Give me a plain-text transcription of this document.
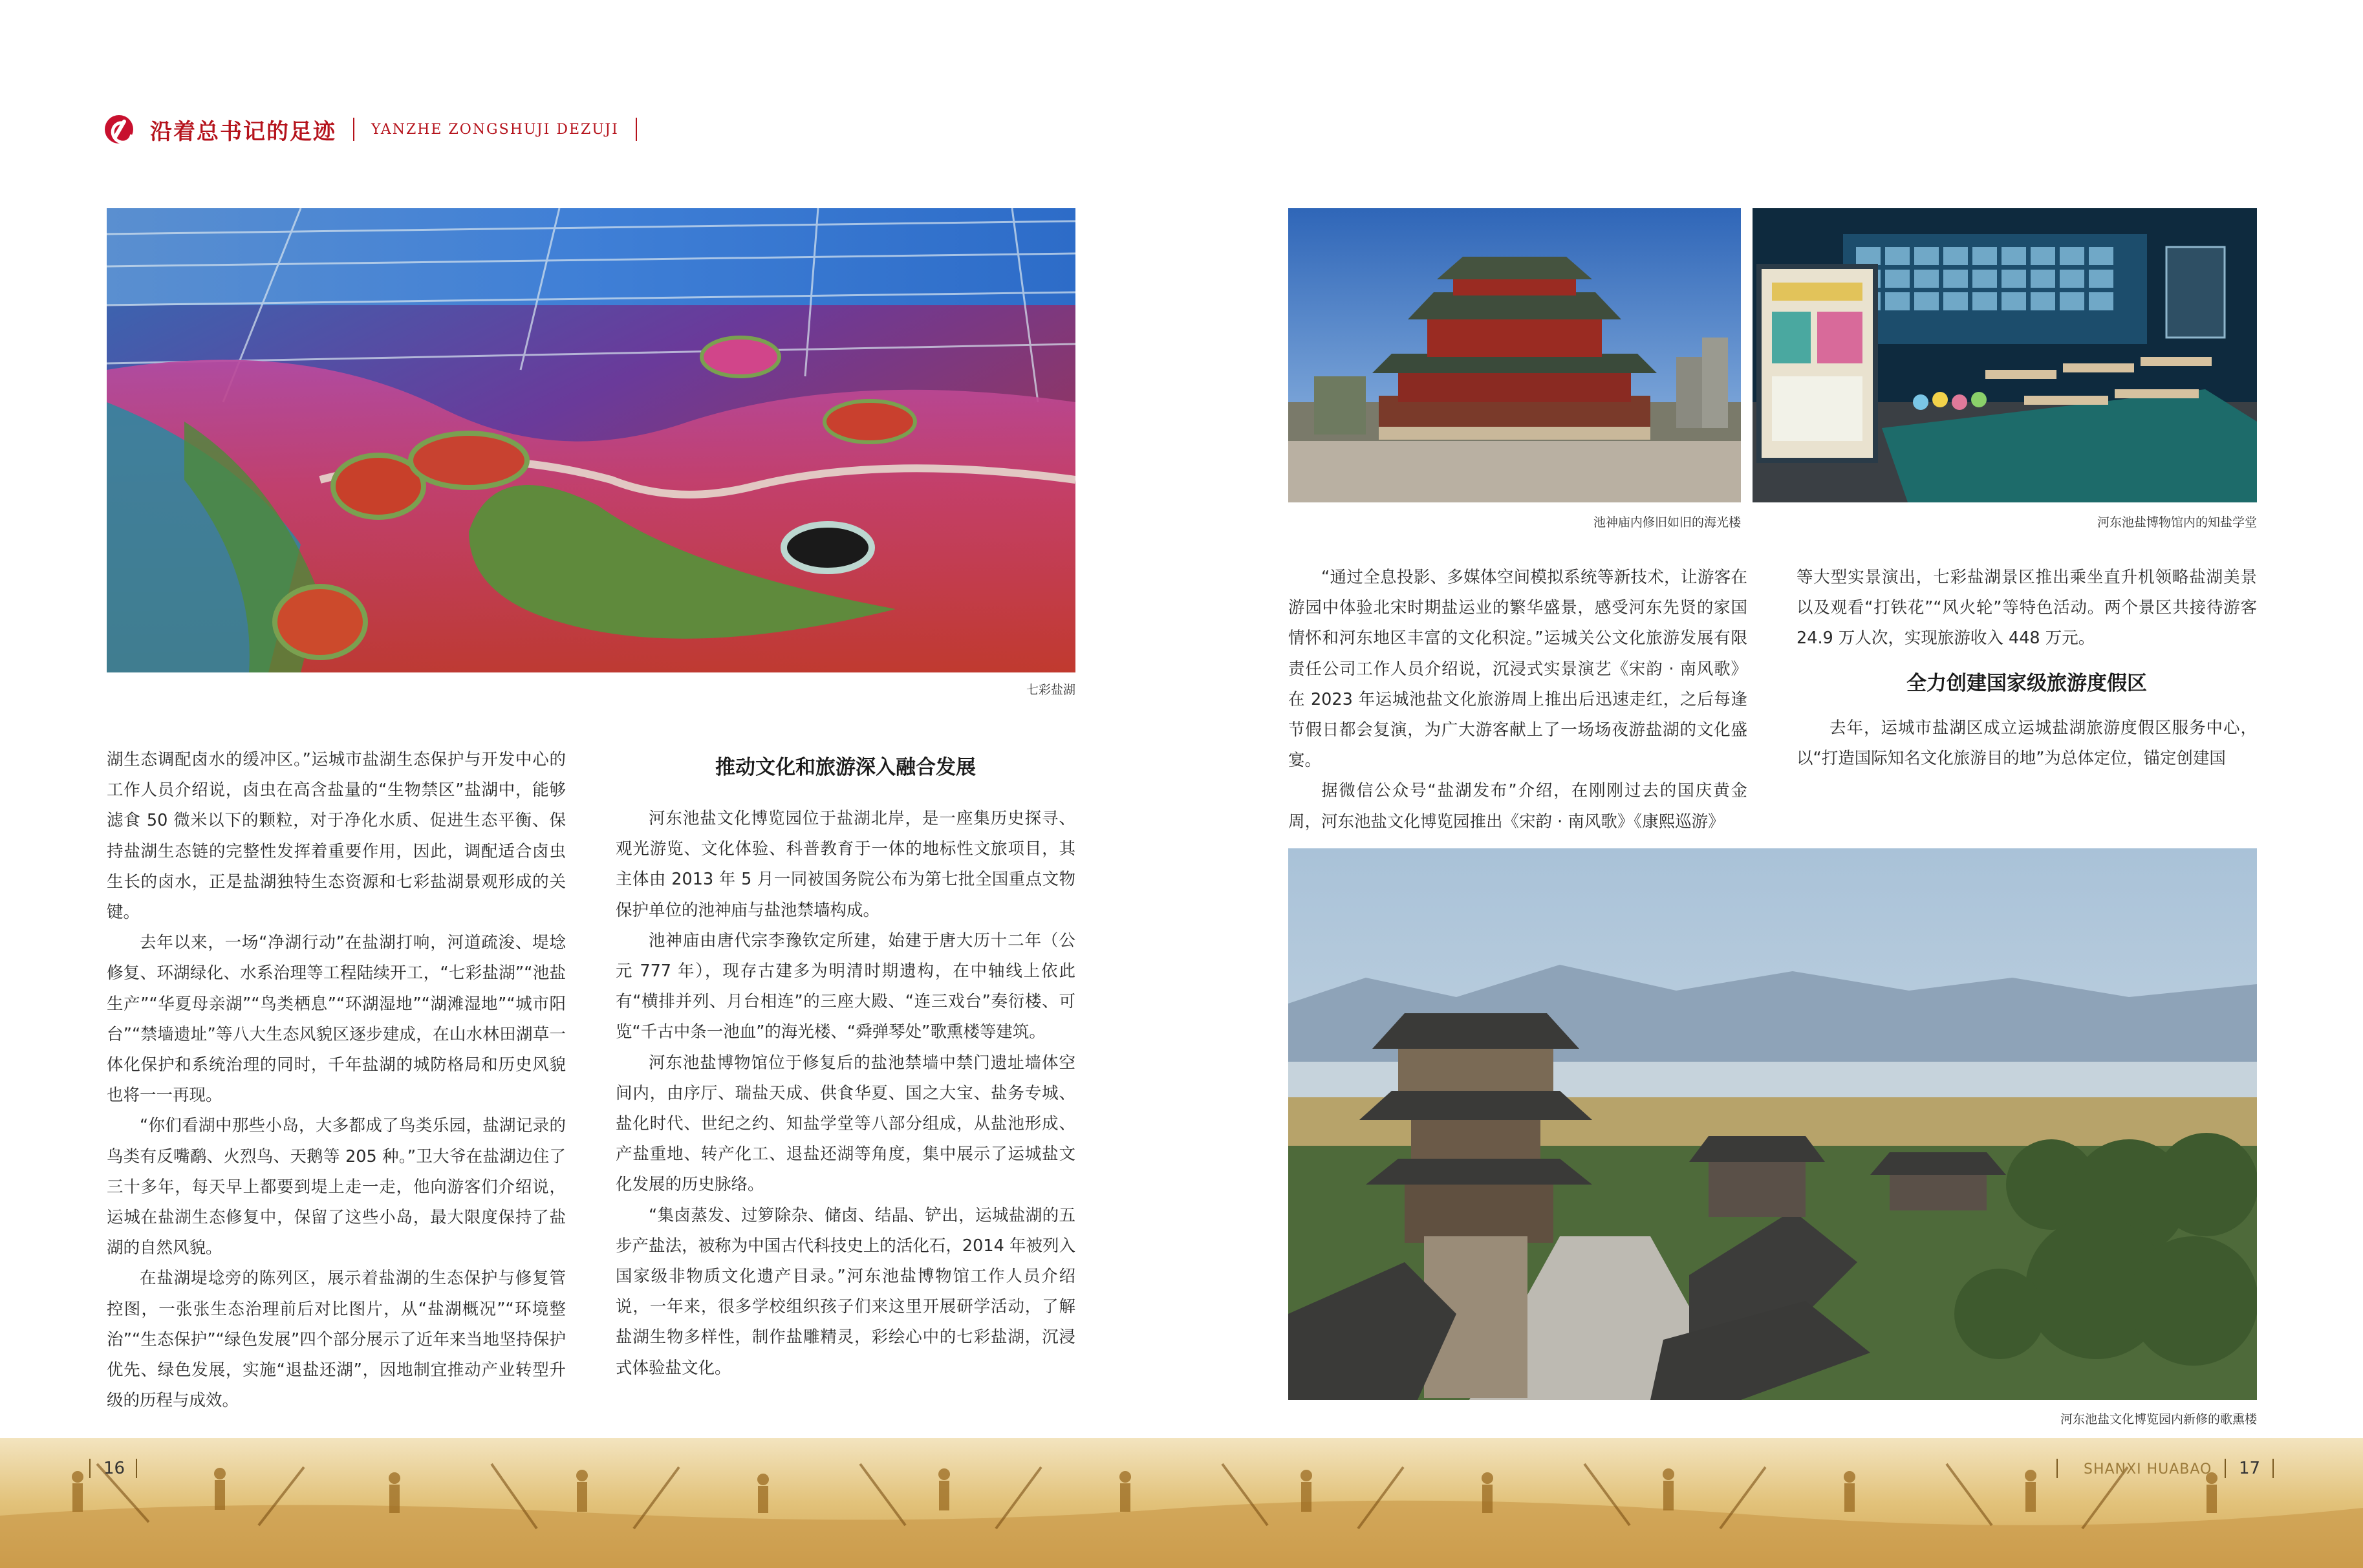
沿着总书记的足迹 YANZHE ZONGSHUJI DEZUJI
七彩盐湖
池神庙内修旧如旧的海光楼	河东池盐博物馆内的知盐学堂
河东池盐文化博览园内新修的歌熏楼

湖生态调配卤水的缓冲区。”运城市盐湖生态保护与开发中心的工作人员介绍说，卤虫在高含盐量的“生物禁区”盐湖中，能够滤食 50 微米以下的颗粒，对于净化水质、促进生态平衡、保持盐湖生态链的完整性发挥着重要作用，因此，调配适合卤虫生长的卤水，正是盐湖独特生态资源和七彩盐湖景观形成的关键。

去年以来，一场“净湖行动”在盐湖打响，河道疏浚、堤埝修复、环湖绿化、水系治理等工程陆续开工，“七彩盐湖”“池盐生产”“华夏母亲湖”“鸟类栖息”“环湖湿地”“湖滩湿地”“城市阳台”“禁墙遗址”等八大生态风貌区逐步建成，在山水林田湖草一体化保护和系统治理的同时，千年盐湖的城防格局和历史风貌也将一一再现。

“你们看湖中那些小岛，大多都成了鸟类乐园，盐湖记录的鸟类有反嘴鹬、火烈鸟、天鹅等 205 种。”卫大爷在盐湖边住了三十多年，每天早上都要到堤上走一走，他向游客们介绍说，运城在盐湖生态修复中，保留了这些小岛，最大限度保持了盐湖的自然风貌。

在盐湖堤埝旁的陈列区，展示着盐湖的生态保护与修复管控图，一张张生态治理前后对比图片，从“盐湖概况”“环境整治”“生态保护”“绿色发展”四个部分展示了近年来当地坚持保护优先、绿色发展，实施“退盐还湖”，因地制宜推动产业转型升级的历程与成效。

推动文化和旅游深入融合发展

河东池盐文化博览园位于盐湖北岸，是一座集历史探寻、观光游览、文化体验、科普教育于一体的地标性文旅项目，其主体由 2013 年 5 月一同被国务院公布为第七批全国重点文物保护单位的池神庙与盐池禁墙构成。

池神庙由唐代宗李豫钦定所建，始建于唐大历十二年（公元 777 年），现存古建多为明清时期遗构，在中轴线上依此有“横排并列、月台相连”的三座大殿、“连三戏台”奏衍楼、可览“千古中条一池血”的海光楼、“舜弹琴处”歌熏楼等建筑。

河东池盐博物馆位于修复后的盐池禁墙中禁门遗址墙体空间内，由序厅、瑞盐天成、供食华夏、国之大宝、盐务专城、盐化时代、世纪之约、知盐学堂等八部分组成，从盐池形成、产盐重地、转产化工、退盐还湖等角度，集中展示了运城盐文化发展的历史脉络。

“集卤蒸发、过箩除杂、储卤、结晶、铲出，运城盐湖的五步产盐法，被称为中国古代科技史上的活化石，2014 年被列入国家级非物质文化遗产目录。”河东池盐博物馆工作人员介绍说，一年来，很多学校组织孩子们来这里开展研学活动，了解盐湖生物多样性，制作盐雕精灵，彩绘心中的七彩盐湖，沉浸式体验盐文化。

“通过全息投影、多媒体空间模拟系统等新技术，让游客在游园中体验北宋时期盐运业的繁华盛景，感受河东先贤的家国情怀和河东地区丰富的文化积淀。”运城关公文化旅游发展有限责任公司工作人员介绍说，沉浸式实景演艺《宋韵 · 南风歌》在 2023 年运城池盐文化旅游周上推出后迅速走红，之后每逢节假日都会复演，为广大游客献上了一场场夜游盐湖的文化盛宴。

据微信公众号“盐湖发布”介绍，在刚刚过去的国庆黄金周，河东池盐文化博览园推出《宋韵 · 南风歌》《康熙巡游》

等大型实景演出，七彩盐湖景区推出乘坐直升机领略盐湖美景以及观看“打铁花”“风火轮”等特色活动。两个景区共接待游客 24.9 万人次，实现旅游收入 448 万元。

全力创建国家级旅游度假区

去年，运城市盐湖区成立运城盐湖旅游度假区服务中心，以“打造国际知名文化旅游目的地”为总体定位，锚定创建国

16	SHANXI HUABAO 17
